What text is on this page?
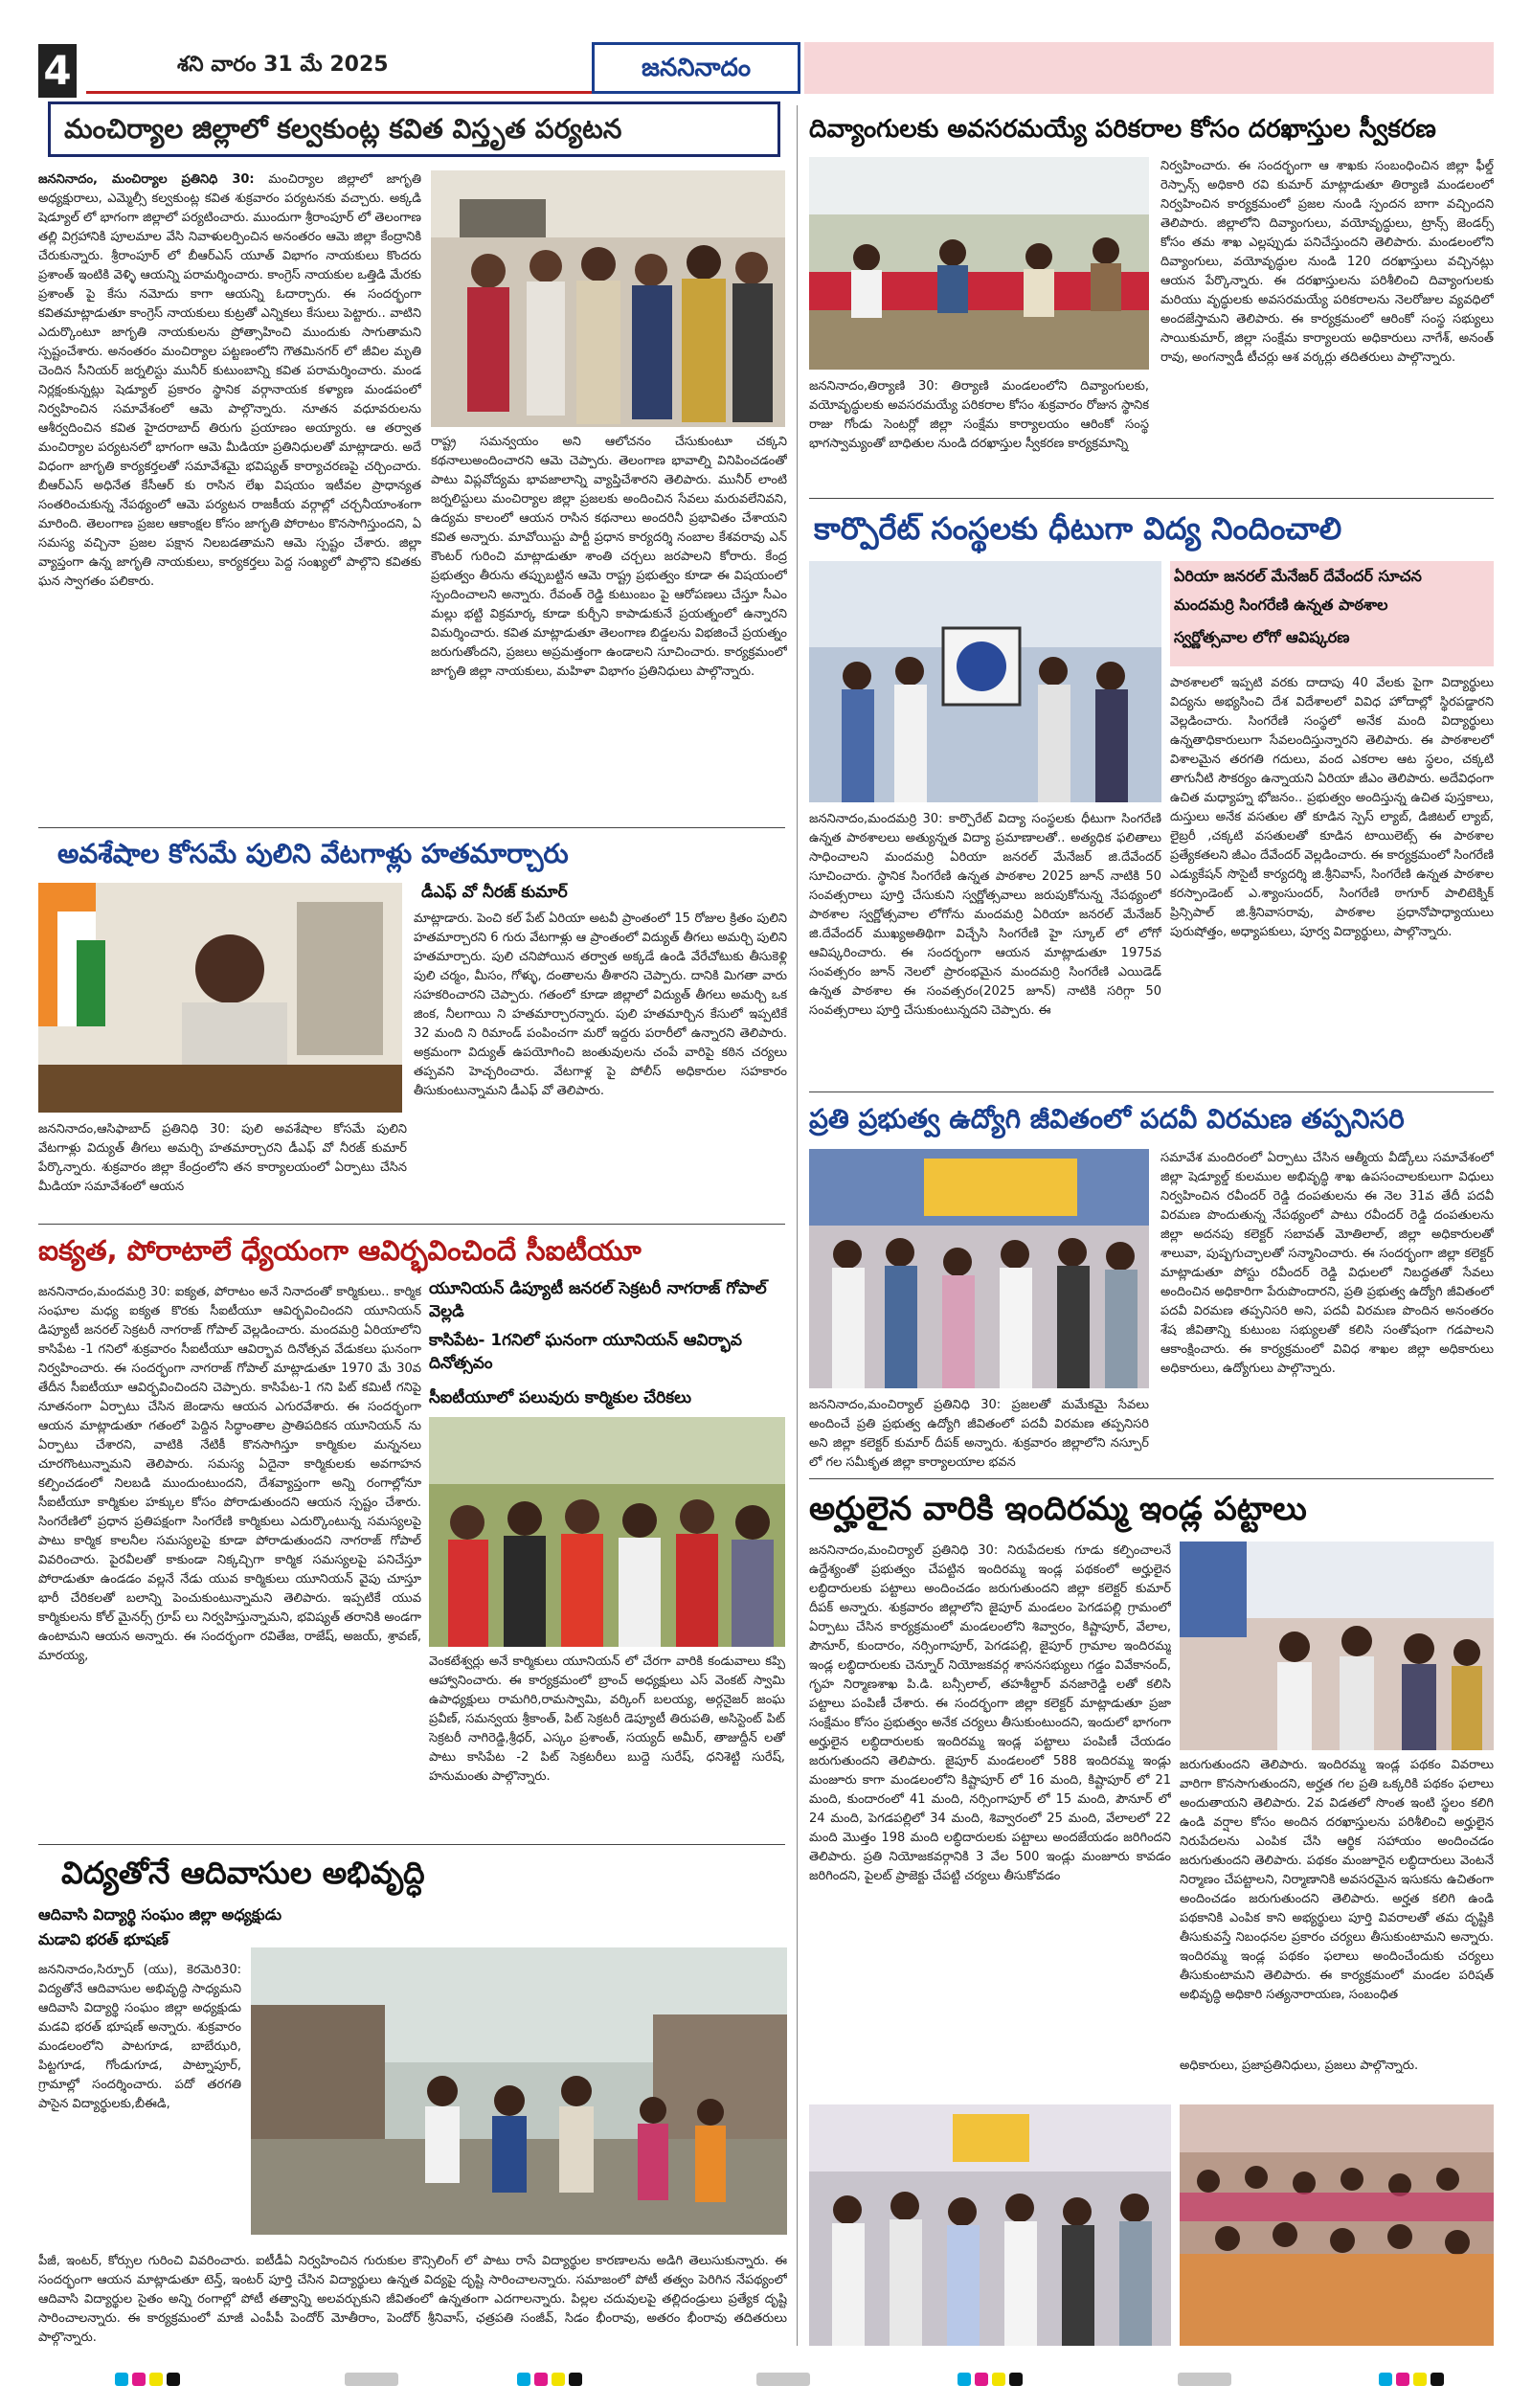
4	శని వారం 31 మే 2025	జననినాదం
మంచిర్యాల జిల్లాలో కల్వకుంట్ల కవిత విస్తృత పర్యటన
జననినాదం, మంచిర్యాల ప్రతినిధి 30: మంచిర్యాల జిల్లాలో జాగృతి అధ్యక్షురాలు, ఎమ్మెల్సీ కల్వకుంట్ల కవిత శుక్రవారం పర్యటనకు వచ్చారు. అక్కడి షెడ్యూల్ లో భాగంగా జిల్లాలో పర్యటించారు. ముందుగా శ్రీరాంపూర్ లో తెలంగాణ తల్లి విగ్రహానికి పూలమాల వేసి నివాళులర్పించిన అనంతరం ఆమె జిల్లా కేంద్రానికి చేరుకున్నారు. శ్రీరాంపూర్ లో బీఆర్ఎస్ యూత్ విభాగం నాయకులు కొందరు ప్రశాంత్ ఇంటికి వెళ్ళి ఆయన్ని పరామర్శించారు. కాంగ్రెస్ నాయకుల ఒత్తిడి మేరకు ప్రశాంత్ పై కేసు నమోదు కాగా ఆయన్ని ఓదార్చారు. ఈ సందర్భంగా కవితమాట్లాడుతూ కాంగ్రెస్ నాయకులు కుట్రతో ఎన్నికలు కేసులు పెట్టారు.. వాటిని ఎదుర్కొంటూ జాగృతి నాయకులను ప్రోత్సాహించి ముందుకు సాగుతామని స్పష్టంచేశారు. అనంతరం మంచిర్యాల పట్టణంలోని గౌతమినగర్ లో జీవిల మృతి చెందిన సీనియర్ జర్నలిస్టు మునీర్ కుటుంబాన్ని కవిత పరామర్శించారు. మండ నిర్లక్షంకున్నట్లు షెడ్యూల్ ప్రకారం స్థానిక వర్గానాయక కళ్యాణ మండపంలో నిర్వహించిన సమావేశంలో ఆమె పాల్గొన్నారు. నూతన వధూవరులను ఆశీర్వదించిన కవిత హైదరాబాద్ తిరుగు ప్రయాణం అయ్యారు. ఆ తర్వాత మంచిర్యాల పర్యటనలో భాగంగా ఆమె మీడియా ప్రతినిధులతో మాట్లాడారు. అదే విధంగా జాగృతి కార్యకర్తలతో సమావేశమై భవిష్యత్ కార్యాచరణపై చర్చించారు. బీఆర్ఎస్ అధినేత కేసీఆర్ కు రాసిన లేఖ విషయం ఇటీవల ప్రాధాన్యత సంతరించుకున్న నేపథ్యంలో ఆమె పర్యటన రాజకీయ వర్గాల్లో చర్చనీయాంశంగా మారింది. తెలంగాణ ప్రజల ఆకాంక్షల కోసం జాగృతి పోరాటం కొనసాగిస్తుందని, ఏ సమస్య వచ్చినా ప్రజల పక్షాన నిలబడతామని ఆమె స్పష్టం చేశారు. జిల్లా వ్యాప్తంగా ఉన్న జాగృతి నాయకులు, కార్యకర్తలు పెద్ద సంఖ్యలో పాల్గొని కవితకు ఘన స్వాగతం పలికారు.
రాష్ట్ర సమన్వయం అని ఆలోచనం చేసుకుంటూ చక్కని కథనాలుఅందించారని ఆమె చెప్పారు. తెలంగాణ భావాల్ని వినిపించడంతో పాటు విప్లవోద్యమ భావజాలాన్ని వ్యాప్తిచేశారని తెలిపారు. మునీర్ లాంటి జర్నలిస్టులు మంచిర్యాల జిల్లా ప్రజలకు అందించిన సేవలు మరువలేనివని, ఉద్యమ కాలంలో ఆయన రాసిన కథనాలు అందరినీ ప్రభావితం చేశాయని కవిత అన్నారు. మావోయిస్టు పార్టీ ప్రధాన కార్యదర్శి నంబాల కేశవరావు ఎన్ కౌంటర్ గురించి మాట్లాడుతూ శాంతి చర్చలు జరపాలని కోరారు. కేంద్ర ప్రభుత్వం తీరును తప్పుబట్టిన ఆమె రాష్ట్ర ప్రభుత్వం కూడా ఈ విషయంలో స్పందించాలని అన్నారు. రేవంత్ రెడ్డి కుటుంబం పై ఆరోపణలు చేస్తూ సీఎం మల్లు భట్టి విక్రమార్క కూడా కుర్చీని కాపాడుకునే ప్రయత్నంలో ఉన్నారని విమర్శించారు. కవిత మాట్లాడుతూ తెలంగాణ బిడ్డలను విభజించే ప్రయత్నం జరుగుతోందని, ప్రజలు అప్రమత్తంగా ఉండాలని సూచించారు. కార్యక్రమంలో జాగృతి జిల్లా నాయకులు, మహిళా విభాగం ప్రతినిధులు పాల్గొన్నారు.
అవశేషాల కోసమే పులిని వేటగాళ్లు హతమార్చారు
డీఎఫ్ వో నీరజ్ కుమార్
మాట్లాడారు. పెంచి కల్ పేట్ ఏరియా అటవీ ప్రాంతంలో 15 రోజుల క్రితం పులిని హతమార్చారని 6 గురు వేటగాళ్లు ఆ ప్రాంతంలో విద్యుత్ తీగలు అమర్చి పులిని హతమార్చారు. పులి చనిపోయిన తర్వాత అక్కడే ఉండి వేరేచోటుకు తీసుకెళ్లి పులి చర్మం, మీసం, గోళ్ళు, దంతాలను తీశారని చెప్పారు. దానికి మిగతా వారు సహకరించారని చెప్పారు. గతంలో కూడా జిల్లాలో విద్యుత్ తీగలు అమర్చి ఒక జింక, నీలగాయి ని హతమార్చారన్నారు. పులి హతమార్చిన కేసులో ఇప్పటికే 32 మంది ని రిమాండ్ పంపించగా మరో ఇద్దరు పరారీలో ఉన్నారని తెలిపారు. అక్రమంగా విద్యుత్ ఉపయోగించి జంతువులను చంపే వారిపై కఠిన చర్యలు తప్పవని హెచ్చరించారు. వేటగాళ్ల పై పోలీస్ అధికారుల సహకారం తీసుకుంటున్నామని డీఎఫ్ వో తెలిపారు.
జననినాదం,ఆసిఫాబాద్ ప్రతినిధి 30: పులి అవశేషాల కోసమే పులిని వేటగాళ్లు విద్యుత్ తీగలు అమర్చి హతమార్చారని డీఎఫ్ వో నీరజ్ కుమార్ పేర్కొన్నారు. శుక్రవారం జిల్లా కేంద్రంలోని తన కార్యాలయంలో ఏర్పాటు చేసిన మీడియా సమావేశంలో ఆయన
ఐక్యత, పోరాటాలే ధ్యేయంగా ఆవిర్భవించిందే సీఐటీయూ
జననినాదం,మందమర్రి 30: ఐక్యత, పోరాటం అనే నినాదంతో కార్మికులు.. కార్మిక సంఘాల మధ్య ఐక్యత కొరకు సీఐటీయూ ఆవిర్భవించిందని యూనియన్ డిప్యూటీ జనరల్ సెక్రటరీ నాగరాజ్ గోపాల్ వెల్లడించారు. మందమర్రి ఏరియాలోని కాసిపేట -1 గనిలో శుక్రవారం సీఐటీయూ ఆవిర్భావ దినోత్సవ వేడుకలు ఘనంగా నిర్వహించారు. ఈ సందర్భంగా నాగరాజ్ గోపాల్ మాట్లాడుతూ 1970 మే 30వ తేదీన సీఐటీయూ ఆవిర్భవించిందని చెప్పారు. కాసిపేట-1 గని పిట్ కమిటీ గనిపై నూతనంగా ఏర్పాటు చేసిన జెండాను ఆయన ఎగురవేశారు. ఈ సందర్భంగా ఆయన మాట్లాడుతూ గతంలో పెద్దిన సిద్ధాంతాల ప్రాతిపదికన యూనియన్ ను ఏర్పాటు చేశారని, వాటికి నేటికీ కొనసాగిస్తూ కార్మికుల మన్ననలు చూరగొంటున్నామని తెలిపారు. సమస్య ఏదైనా కార్మికులకు అవగాహన కల్పించడంలో నిలబడి ముందుంటుందని, దేశవ్యాప్తంగా అన్ని రంగాల్లోనూ సీఐటీయూ కార్మికుల హక్కుల కోసం పోరాడుతుందని ఆయన స్పష్టం చేశారు. సింగరేణిలో ప్రధాన ప్రతిపక్షంగా సింగరేణి కార్మికులు ఎదుర్కొంటున్న సమస్యలపై పాటు కార్మిక కాలనీల సమస్యలపై కూడా పోరాడుతుందని నాగరాజ్ గోపాల్ వివరించారు. పైరవీలతో కాకుండా నిక్కచ్చిగా కార్మిక సమస్యలపై పనిచేస్తూ పోరాడుతూ ఉండడం వల్లనే నేడు యువ కార్మికులు యూనియన్ వైపు చూస్తూ భారీ చేరికలతో బలాన్ని పెంచుకుంటున్నామని తెలిపారు. ఇప్పటికే యువ కార్మికులను కోల్ మైనర్స్ గ్రూప్ లు నిర్వహిస్తున్నామని, భవిష్యత్ తరానికి అండగా ఉంటామని ఆయన అన్నారు. ఈ సందర్భంగా రవితేజ, రాజేష్, అజయ్, శ్రావణ్, మారయ్య,
యూనియన్ డిప్యూటీ జనరల్ సెక్రటరీ నాగరాజ్ గోపాల్ వెల్లడి
కాసిపేట- 1గనిలో ఘనంగా యూనియన్ ఆవిర్భావ దినోత్సవం
సీఐటీయూలో పలువురు కార్మికుల చేరికలు
వెంకటేశ్వర్లు అనే కార్మికులు యూనియన్ లో చేరగా వారికి కండువాలు కప్పి ఆహ్వానించారు. ఈ కార్యక్రమంలో బ్రాంచ్ అధ్యక్షులు ఎస్ వెంకట్ స్వామి ఉపాధ్యక్షులు రామగిరి,రామస్వామి, వర్కింగ్ బలయ్య, అర్గనైజర్ జంఘ ప్రవీణ్, సమన్వయ శ్రీకాంత్, పిట్ సెక్రటరీ డెప్యూటీ తిరుపతి, అసిస్టెంట్ పిట్ సెక్రటరీ నాగిరెడ్డి,శ్రీధర్, ఎస్కం ప్రశాంత్, సయ్యద్ అమీర్, తాజుద్దీన్ లతో పాటు కాసిపేట -2 పిట్ సెక్రటరీలు బుద్దె సురేష్, ధనిశెట్టి సురేష్, హనుమంతు పాల్గొన్నారు.
విద్యతోనే ఆదివాసుల అభివృద్ధి
ఆదివాసి విద్యార్థి సంఘం జిల్లా అధ్యక్షుడు
మడావి భరత్ భూషణ్
జననినాదం,సిర్పూర్ (యు), కెరమెరి30: విద్యతోనే ఆదివాసుల అభివృద్ధి సాధ్యమని ఆదివాసి విద్యార్థి సంఘం జిల్లా అధ్యక్షుడు మడవి భరత్ భూషణ్ అన్నారు. శుక్రవారం మండలంలోని పాటగూడ, బాబేఝరి, పిట్టగూడ, గోండుగూడ, పాట్నాపూర్, గ్రామాల్లో సందర్శించారు. పదో తరగతి పాసైన విద్యార్థులకు,బీఈడి,
పీజీ, ఇంటర్, కోర్సుల గురించి వివరించారు. ఐటీడీఏ నిర్వహించిన గురుకుల కౌన్సిలింగ్ లో పాటు రాసే విద్యార్థుల కారణాలను అడిగి తెలుసుకున్నారు. ఈ సందర్భంగా ఆయన మాట్లాడుతూ టెన్త్, ఇంటర్ పూర్తి చేసిన విద్యార్థులు ఉన్నత విద్యపై దృష్టి సారించాలన్నారు. సమాజంలో పోటీ తత్వం పెరిగిన నేపథ్యంలో ఆదివాసి విద్యార్థుల సైతం అన్ని రంగాల్లో పోటీ తత్వాన్ని అలవర్చుకుని జీవితంలో ఉన్నతంగా ఎదగాలన్నారు. పిల్లల చదువులపై తల్లిదండ్రులు ప్రత్యేక దృష్టి సారించాలన్నారు. ఈ కార్యక్రమంలో మాజీ ఎంపీపీ పెందోర్ మోతీరాం, పెందోర్ శ్రీనివాస్, ఛత్రపతి సంజీవ్, సిడం భీంరావు, అతరం భీంరావు తదితరులు పాల్గొన్నారు.
దివ్యాంగులకు అవసరమయ్యే పరికరాల కోసం దరఖాస్తుల స్వీకరణ
జననినాదం,తిర్యాణి 30: తిర్యాణి మండలంలోని దివ్యాంగులకు, వయోవృద్ధులకు అవసరమయ్యే పరికరాల కోసం శుక్రవారం రోజున స్థానిక రాజు గోండు సెంటర్లో జిల్లా సంక్షేమ కార్యాలయం ఆరింకో సంస్థ భాగస్వామ్యంతో బాధితుల నుండి దరఖాస్తుల స్వీకరణ కార్యక్రమాన్ని
నిర్వహించారు. ఈ సందర్భంగా ఆ శాఖకు సంబంధించిన జిల్లా ఫీల్డ్ రెస్పాన్స్ అధికారి రవి కుమార్ మాట్లాడుతూ తిర్యాణి మండలంలో నిర్వహించిన కార్యక్రమంలో ప్రజల నుండి స్పందన బాగా వచ్చిందని తెలిపారు. జిల్లాలోని దివ్యాంగులు, వయోవృద్ధులు, ట్రాన్స్ జెండర్స్ కోసం తమ శాఖ ఎల్లప్పుడు పనిచేస్తుందని తెలిపారు. మండలంలోని దివ్యాంగులు, వయోవృద్ధుల నుండి 120 దరఖాస్తులు వచ్చినట్లు ఆయన పేర్కొన్నారు. ఈ దరఖాస్తులను పరిశీలించి దివ్యాంగులకు మరియు వృద్ధులకు అవసరమయ్యే పరికరాలను నెలరోజుల వ్యవధిలో అందజేస్తామని తెలిపారు. ఈ కార్యక్రమంలో ఆరింకో సంస్థ సభ్యులు సాయికుమార్, జిల్లా సంక్షేమ కార్యాలయ అధికారులు నాగేశ్, అనంత్ రావు, అంగన్వాడీ టీచర్లు ఆశ వర్కర్లు తదితరులు పాల్గొన్నారు.
కార్పొరేట్ సంస్థలకు ధీటుగా విద్య నిందించాలి
ఏరియా జనరల్ మేనేజర్ దేవేందర్ సూచన
మందమర్రి సింగరేణి ఉన్నత పాఠశాల
స్వర్ణోత్సవాల లోగో ఆవిష్కరణ
పాఠశాలలో ఇప్పటి వరకు దాదాపు 40 వేలకు పైగా విద్యార్థులు విద్యను అభ్యసించి దేశ విదేశాలలో వివిధ హోదాల్లో స్థిరపడ్డారని వెల్లడించారు. సింగరేణి సంస్థలో అనేక మంది విద్యార్థులు ఉన్నతాధికారులుగా సేవలందిస్తున్నారని తెలిపారు. ఈ పాఠశాలలో విశాలమైన తరగతి గదులు, వంద ఎకరాల ఆట స్థలం, చక్కటి తాగునీటి సౌకర్యం ఉన్నాయని ఏరియా జీఎం తెలిపారు. అదేవిధంగా ఉచిత మధ్యాహ్న భోజనం.. ప్రభుత్వం అందిస్తున్న ఉచిత పుస్తకాలు, దుస్తులు అనేక వసతుల తో కూడిన స్పెస్ ల్యాబ్, డిజిటల్ ల్యాబ్, లైబ్రరీ ,చక్కటి వసతులతో కూడిన టాయిలెట్స్ ఈ పాఠశాల ప్రత్యేకతలని జీఎం దేవేందర్ వెల్లడించారు. ఈ కార్యక్రమంలో సింగరేణి ఎడ్యుకేషన్ సొసైటీ కార్యదర్శి జి.శ్రీనివాస్, సింగరేణి ఉన్నత పాఠశాల కరస్పాండెంట్ ఎ.శ్యాంసుందర్, సింగరేణి ఠాగూర్ పాలిటెక్నిక్ ప్రిన్సిపాల్ జి.శ్రీనివాసరావు, పాఠశాల ప్రధానోపాధ్యాయులు పురుషోత్తం, అధ్యాపకులు, పూర్వ విద్యార్థులు, పాల్గొన్నారు.
జననినాదం,మందమర్రి 30: కార్పొరేట్ విద్యా సంస్థలకు ధీటుగా సింగరేణి ఉన్నత పాఠశాలలు అత్యున్నత విద్యా ప్రమాణాలతో.. అత్యధిక ఫలితాలు సాధించాలని మందమర్రి ఏరియా జనరల్ మేనేజర్ జి.దేవేందర్ సూచించారు. స్థానిక సింగరేణి ఉన్నత పాఠశాల 2025 జూన్ నాటికి 50 సంవత్సరాలు పూర్తి చేసుకుని స్వర్ణోత్సవాలు జరుపుకోనున్న నేపథ్యంలో పాఠశాల స్వర్ణోత్సవాల లోగోను మందమర్రి ఏరియా జనరల్ మేనేజర్ జి.దేవేందర్ ముఖ్యఅతిథిగా విచ్చేసి సింగరేణి హై స్కూల్ లో లోగో ఆవిష్కరించారు. ఈ సందర్భంగా ఆయన మాట్లాడుతూ 1975వ సంవత్సరం జూన్ నెలలో ప్రారంభమైన మందమర్రి సింగరేణి ఎయిడెడ్ ఉన్నత పాఠశాల ఈ సంవత్సరం(2025 జూన్) నాటికి సరిగ్గా 50 సంవత్సరాలు పూర్తి చేసుకుంటున్నదని చెప్పారు. ఈ
ప్రతి ప్రభుత్వ ఉద్యోగి జీవితంలో పదవీ విరమణ తప్పనిసరి
జననినాదం,మంచిర్యాల్ ప్రతినిధి 30: ప్రజలతో మమేకమై సేవలు అందించే ప్రతి ప్రభుత్వ ఉద్యోగి జీవితంలో పదవీ విరమణ తప్పనిసరి అని జిల్లా కలెక్టర్ కుమార్ దీపక్ అన్నారు. శుక్రవారం జిల్లాలోని నస్పూర్ లో గల సమీకృత జిల్లా కార్యాలయాల భవన
సమావేశ మందిరంలో ఏర్పాటు చేసిన ఆత్మీయ వీడ్కోలు సమావేశంలో జిల్లా షెడ్యూల్డ్ కులముల అభివృద్ధి శాఖ ఉపసంచాలకులుగా విధులు నిర్వహించిన రవీందర్ రెడ్డి దంపతులను ఈ నెల 31వ తేదీ పదవీ విరమణ పొందుతున్న నేపథ్యంలో పాటు రవీందర్ రెడ్డి దంపతులను జిల్లా అదనపు కలెక్టర్ సబావత్ మోతిలాల్, జిల్లా అధికారులతో శాలువా, పుష్పగుచ్ఛాలతో సన్మానించారు. ఈ సందర్భంగా జిల్లా కలెక్టర్ మాట్లాడుతూ పోస్టు రవీందర్ రెడ్డి విధులలో నిబద్ధతతో సేవలు అందించిన అధికారిగా పేరుపొందారని, ప్రతి ప్రభుత్వ ఉద్యోగి జీవితంలో పదవీ విరమణ తప్పనిసరి అని, పదవీ విరమణ పొందిన అనంతరం శేష జీవితాన్ని కుటుంబ సభ్యులతో కలిసి సంతోషంగా గడపాలని ఆకాంక్షించారు. ఈ కార్యక్రమంలో వివిధ శాఖల జిల్లా అధికారులు అధికారులు, ఉద్యోగులు పాల్గొన్నారు.
అర్హులైన వారికి ఇందిరమ్మ ఇండ్ల పట్టాలు
జననినాదం,మంచిర్యాల్ ప్రతినిధి 30: నిరుపేదలకు గూడు కల్పించాలనే ఉద్దేశ్యంతో ప్రభుత్వం చేపట్టిన ఇందిరమ్మ ఇండ్ల పథకంలో అర్హులైన లబ్ధిదారులకు పట్టాలు అందించడం జరుగుతుందని జిల్లా కలెక్టర్ కుమార్ దీపక్ అన్నారు. శుక్రవారం జిల్లాలోని జైపూర్ మండలం పెగడపల్లి గ్రామంలో ఏర్పాటు చేసిన కార్యక్రమంలో మండలంలోని శివ్వారం, కిష్టాపూర్, వేలాల, పౌనూర్, కుందారం, నర్సింగాపూర్, పెగడపల్లి, జైపూర్ గ్రామాల ఇందిరమ్మ ఇండ్ల లబ్ధిదారులకు చెన్నూర్ నియోజకవర్గ శాసనసభ్యులు గడ్డం వివేకానంద్, గృహ నిర్మాణశాఖ పి.డి. బన్సీలాల్, తహశీల్దార్ వనజారెడ్డి లతో కలిసి పట్టాలు పంపిణీ చేశారు. ఈ సందర్భంగా జిల్లా కలెక్టర్ మాట్లాడుతూ ప్రజా సంక్షేమం కోసం ప్రభుత్వం అనేక చర్యలు తీసుకుంటుందని, ఇందులో భాగంగా అర్హులైన లబ్ధిదారులకు ఇందిరమ్మ ఇండ్ల పట్టాలు పంపిణీ చేయడం జరుగుతుందని తెలిపారు. జైపూర్ మండలంలో 588 ఇందిరమ్మ ఇండ్లు మంజూరు కాగా మండలంలోని కిష్టాపూర్ లో 16 మంది, కిష్టాపూర్ లో 21 మంది, కుందారంలో 41 మంది, నర్సింగాపూర్ లో 15 మంది, పౌనూర్ లో 24 మంది, పెగడపల్లిలో 34 మంది, శివ్వారంలో 25 మంది, వేలాలలో 22 మంది మొత్తం 198 మంది లబ్ధిదారులకు పట్టాలు అందజేయడం జరిగిందని తెలిపారు. ప్రతి నియోజకవర్గానికి 3 వేల 500 ఇండ్లు మంజూరు కావడం జరిగిందని, పైలట్ ప్రాజెక్టు చేపట్టి చర్యలు తీసుకోవడం
జరుగుతుందని తెలిపారు. ఇందిరమ్మ ఇండ్ల పథకం వివరాలు వారిగా కొనసాగుతుందని, అర్హత గల ప్రతి ఒక్కరికి పథకం ఫలాలు అందుతాయని తెలిపారు. 2వ విడతలో సొంత ఇంటి స్థలం కలిగి ఉండి వర్షాల కోసం అందిన దరఖాస్తులను పరిశీలించి అర్హులైన నిరుపేదలను ఎంపిక చేసి ఆర్థిక సహాయం అందించడం జరుగుతుందని తెలిపారు. పథకం మంజూరైన లబ్ధిదారులు వెంటనే నిర్మాణం చేపట్టాలని, నిర్మాణానికి అవసరమైన ఇసుకను ఉచితంగా అందించడం జరుగుతుందని తెలిపారు. అర్హత కలిగి ఉండి పథకానికి ఎంపిక కాని అభ్యర్థులు పూర్తి వివరాలతో తమ దృష్టికి తీసుకువస్తే నిబంధనల ప్రకారం చర్యలు తీసుకుంటామని అన్నారు. ఇందిరమ్మ ఇండ్ల పథకం ఫలాలు అందించేందుకు చర్యలు తీసుకుంటామని తెలిపారు. ఈ కార్యక్రమంలో మండల పరిషత్ అభివృద్ధి అధికారి సత్యనారాయణ, సంబంధిత
అధికారులు, ప్రజాప్రతినిధులు, ప్రజలు పాల్గొన్నారు.
